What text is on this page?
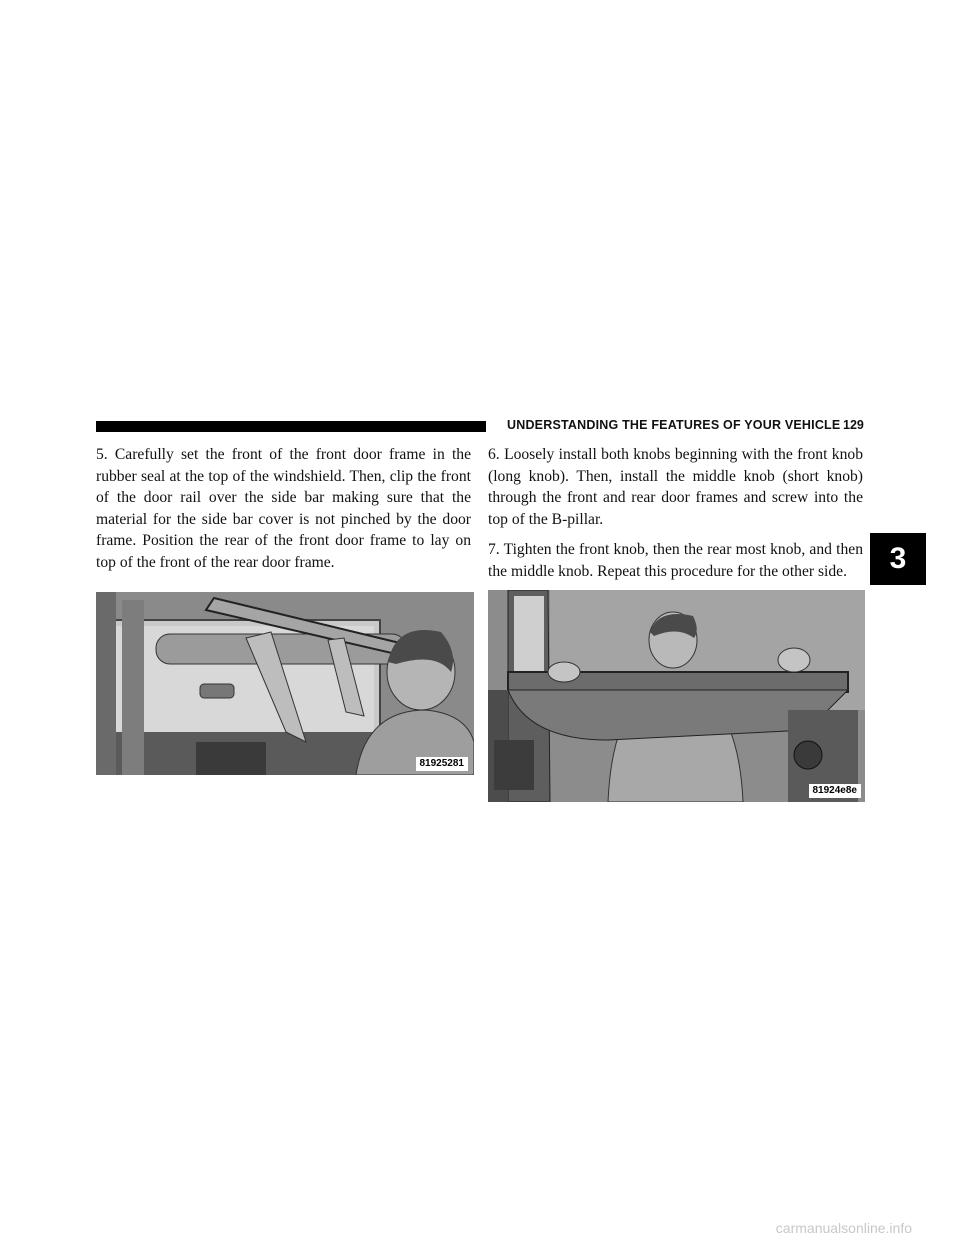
UNDERSTANDING THE FEATURES OF YOUR VEHICLE 129
3

5. Carefully set the front of the front door frame in the rubber seal at the top of the windshield. Then, clip the front of the door rail over the side bar making sure that the material for the side bar cover is not pinched by the door frame. Position the rear of the front door frame to lay on top of the front of the rear door frame.

6. Loosely install both knobs beginning with the front knob (long knob). Then, install the middle knob (short knob) through the front and rear door frames and screw into the top of the B-pillar.

7. Tighten the front knob, then the rear most knob, and then the middle knob. Repeat this procedure for the other side.

81925281
81924e8e
carmanualsonline.info
